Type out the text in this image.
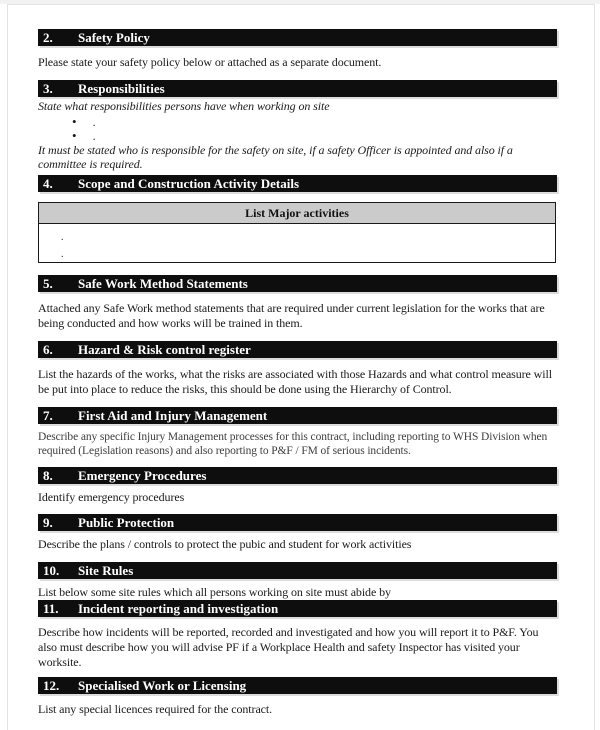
2. Safety Policy

Please state your safety policy below or attached as a separate document.

3. Responsibilities

State what responsibilities persons have when working on site

• .
• .

It must be stated who is responsible for the safety on site, if a safety Officer is appointed and also if a committee is required.

4. Scope and Construction Activity Details
List Major activities
.
.
5. Safe Work Method Statements

Attached any Safe Work method statements that are required under current legislation for the works that are being conducted and how works will be trained in them.

6. Hazard & Risk control register

List the hazards of the works, what the risks are associated with those Hazards and what control measure will be put into place to reduce the risks, this should be done using the Hierarchy of Control.

7. First Aid and Injury Management

Describe any specific Injury Management processes for this contract, including reporting to WHS Division when required (Legislation reasons) and also reporting to P&F / FM of serious incidents.

8. Emergency Procedures

Identify emergency procedures

9. Public Protection

Describe the plans / controls to protect the pubic and student for work activities

10. Site Rules

List below some site rules which all persons working on site must abide by

11. Incident reporting and investigation

Describe how incidents will be reported, recorded and investigated and how you will report it to P&F. You also must describe how you will advise PF if a Workplace Health and safety Inspector has visited your worksite.

12. Specialised Work or Licensing

List any special licences required for the contract.
